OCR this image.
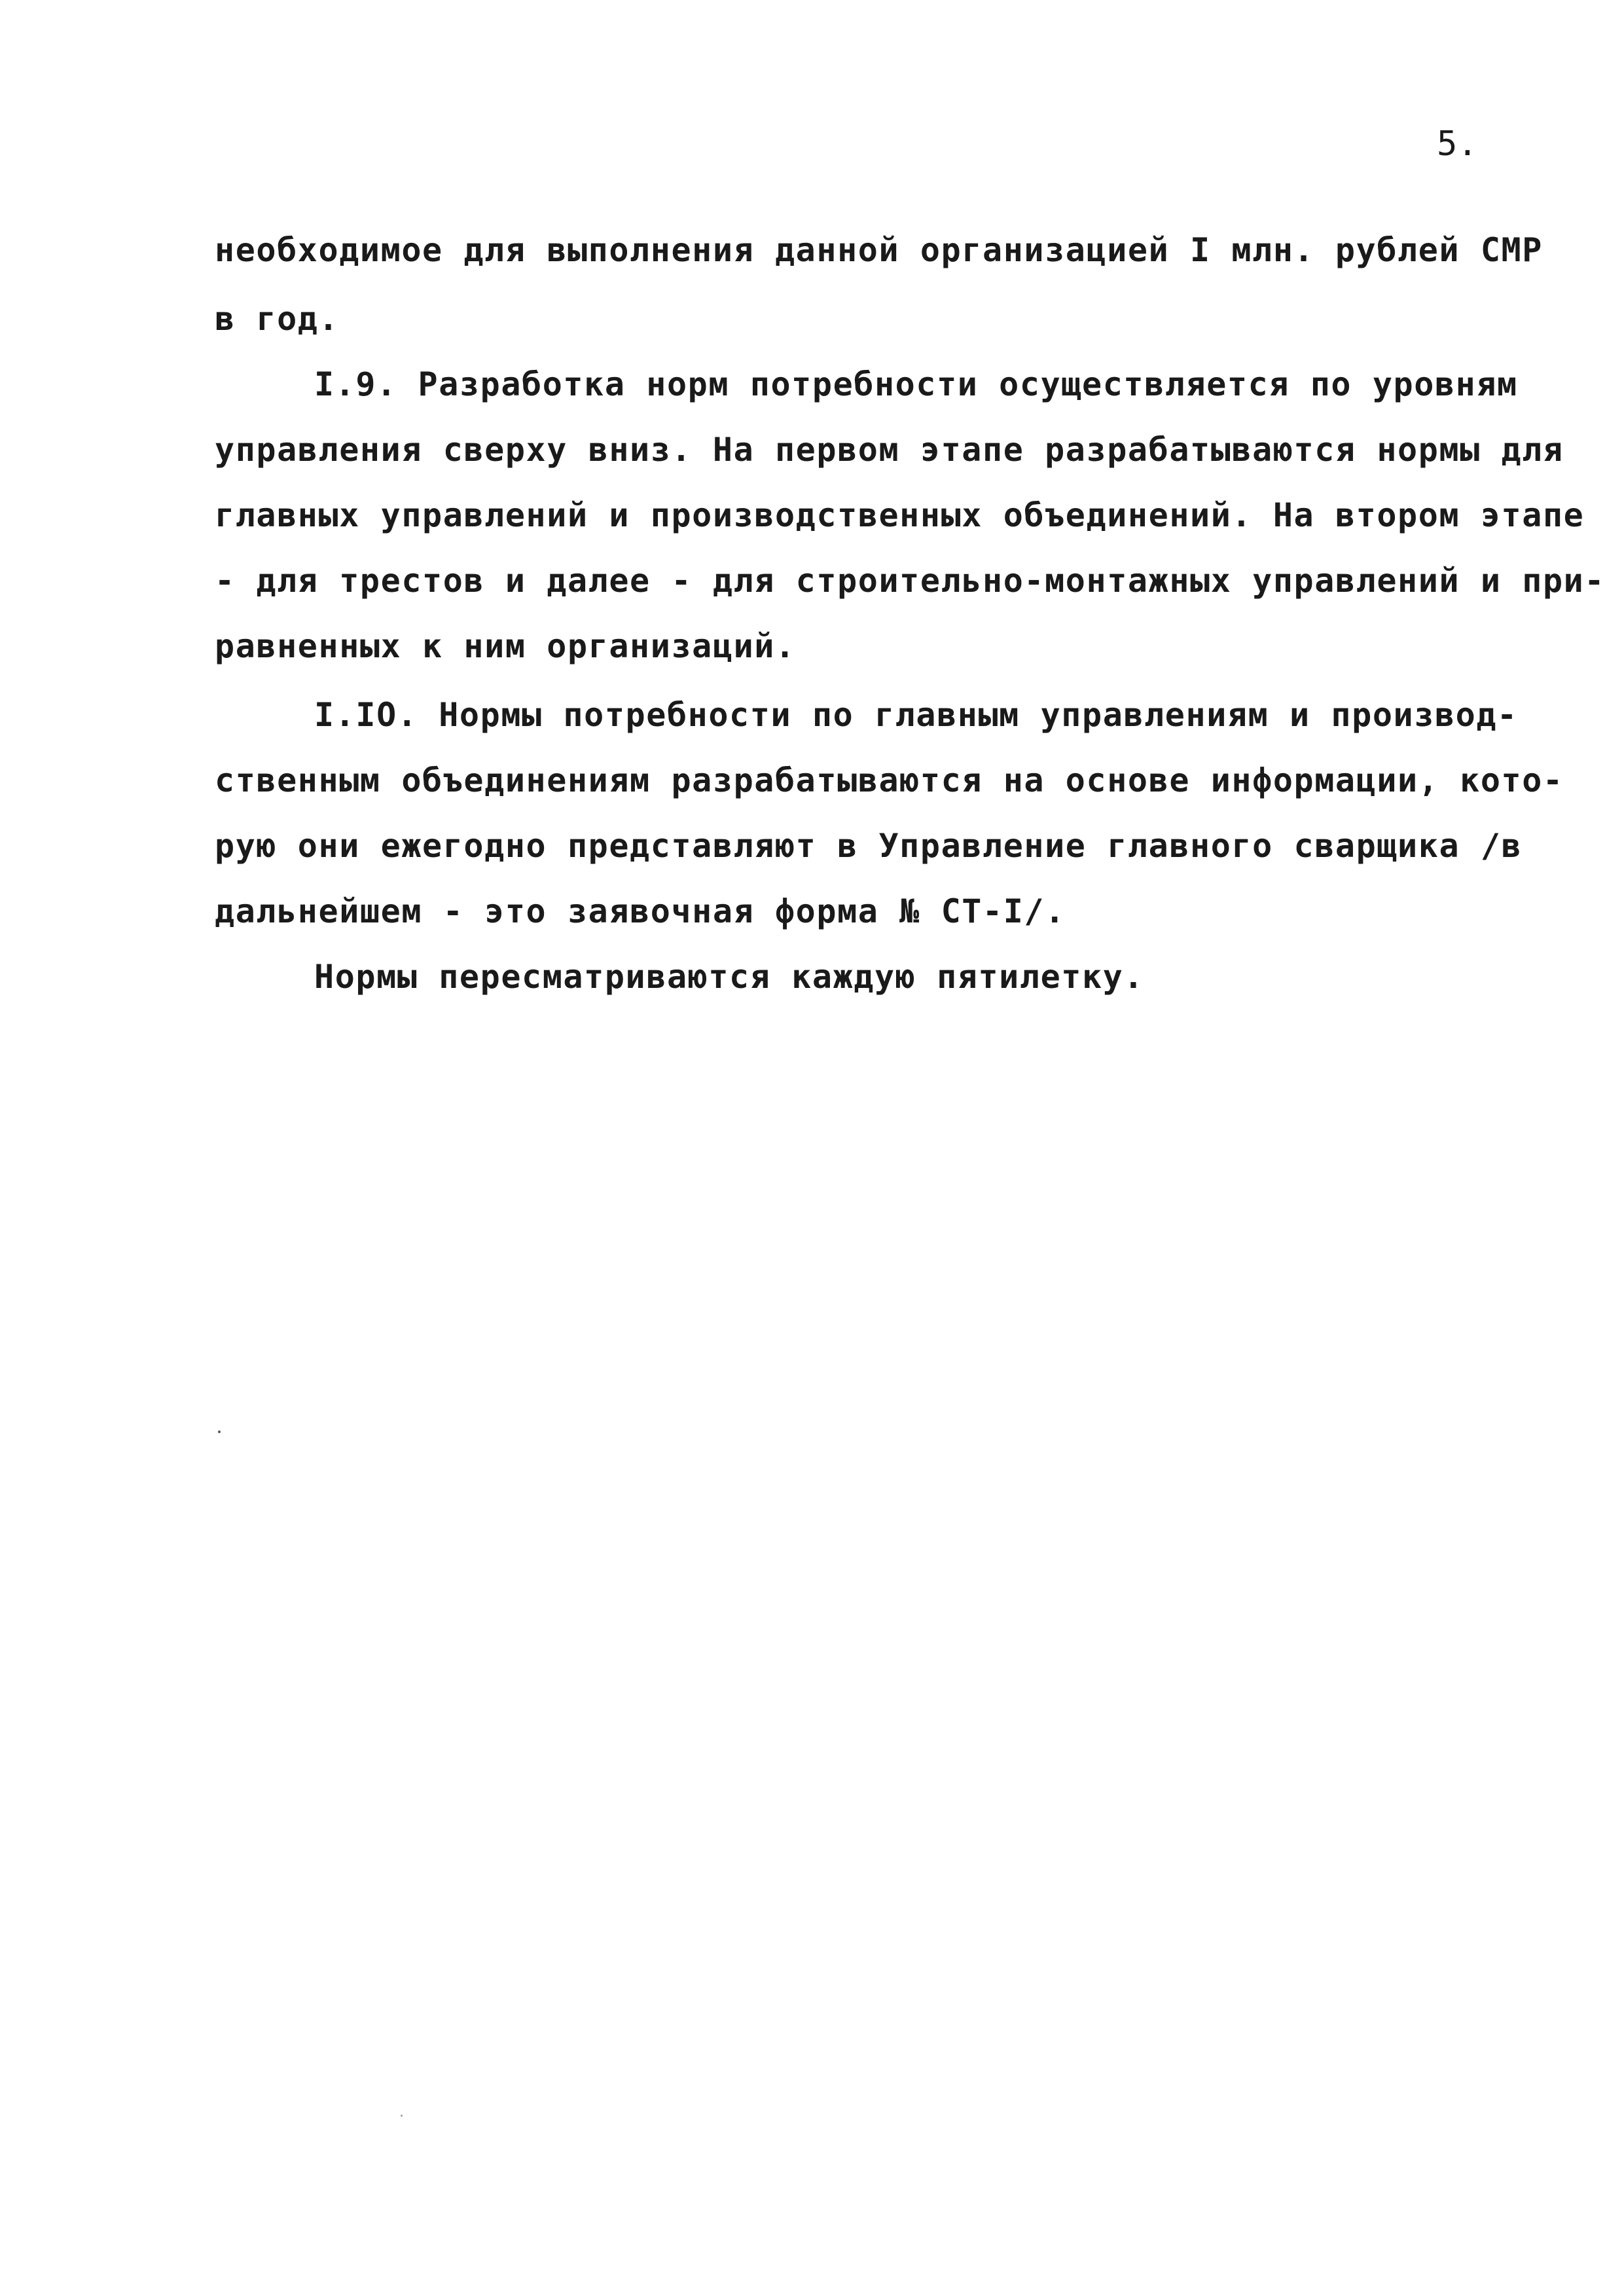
5.
необходимое для выполнения данной организацией I млн. рублей СМР
в год.
I.9. Разработка норм потребности осуществляется по уровням
управления сверху вниз. На первом этапе разрабатываются нормы для
главных управлений и производственных объединений. На втором этапе
- для трестов и далее - для строительно-монтажных управлений и при-
равненных к ним организаций.
I.IO. Нормы потребности по главным управлениям и производ-
ственным объединениям разрабатываются на основе информации, кото-
рую они ежегодно представляют в Управление главного сварщика /в
дальнейшем - это заявочная форма № СТ-I/.
Нормы пересматриваются каждую пятилетку.
